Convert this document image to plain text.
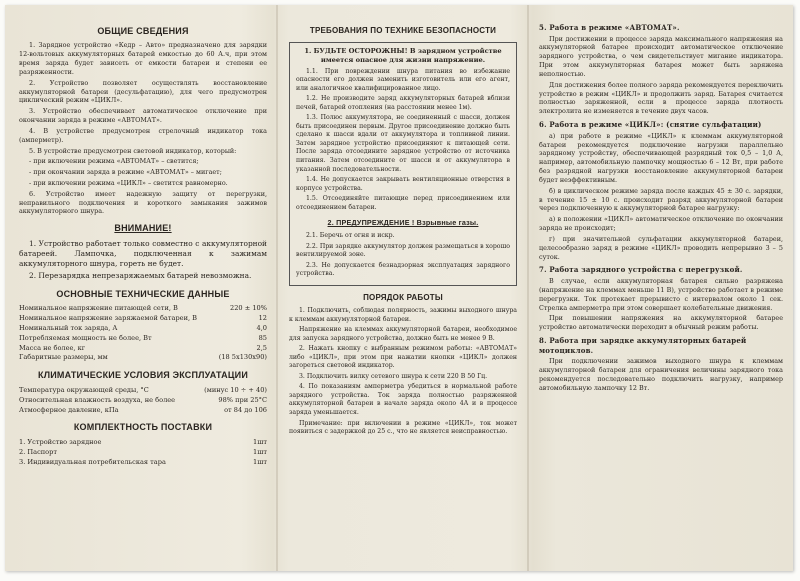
ОБЩИЕ СВЕДЕНИЯ

1. Зарядное устройство «Кедр – Авто» предназначено для зарядки 12-вольтовых аккумуляторных батарей емкостью до 60 А.ч, при этом время заряда будет зависеть от емкости батареи и степени ее разряженности.

2. Устройство позволяет осуществлять восстановление аккумуляторной батареи (десульфатацию), для чего предусмотрен циклический режим «ЦИКЛ».

3. Устройство обеспечивает автоматическое отключение при окончании заряда в режиме «АВТОМАТ».

4. В устройстве предусмотрен стрелочный индикатор тока (амперметр).

5. В устройстве предусмотрен световой индикатор, который:

- при включении режима «АВТОМАТ» – светится;

- при окончании заряда в режиме «АВТОМАТ» – мигает;

- при включении режима «ЦИКЛ» – светится равномерно.

6. Устройство имеет надежную защиту от перегрузки, неправильного подключения и короткого замыкания зажимов аккумуляторного шнура.

ВНИМАНИЕ!

1. Устройство работает только совместно с аккумуляторной батареей. Лампочка, подключенная к зажимам аккумуляторного шнура, гореть не будет.

2. Перезарядка непрезаряжаемых батарей невозможна.

ОСНОВНЫЕ ТЕХНИЧЕСКИЕ ДАННЫЕ
Номинальное напряжение питающей сети, В	220 ± 10%
Номинальное напряжение заряжаемой батареи, В	12
Номинальный ток заряда, А	4,0
Потребляемая мощность не более, Вт	85
Масса не более, кг	2,5
Габаритные размеры, мм	(18 5х130х90)
КЛИМАТИЧЕСКИЕ УСЛОВИЯ ЭКСПЛУАТАЦИИ
Температура окружающей среды, °С	(минус 10 ÷ + 40)
Относительная влажность воздуха, не более	98% при 25°С
Атмосферное давление, кПа	от 84 до 106
КОМПЛЕКТНОСТЬ ПОСТАВКИ
1. Устройство зарядное	1шт
2. Паспорт	1шт
3. Индивидуальная потребительская тара	1шт
ТРЕБОВАНИЯ ПО ТЕХНИКЕ БЕЗОПАСНОСТИ
1. БУДЬТЕ ОСТОРОЖНЫ! В зарядном устройстве имеется опасное для жизни напряжение.

1.1. При повреждении шнура питания во избежание опасности его должен заменить изготовитель или его агент, или аналогичное квалифицированное лицо.

1.2. Не производите заряд аккумуляторных батарей вблизи печей, батарей отопления (на расстоянии менее 1м).

1.3. Полюс аккумулятора, не соединенный с шасси, должен быть присоединен первым. Другое присоединение должно быть сделано к шасси вдали от аккумулятора и топливной линии. Затем зарядное устройство присоединяют к питающей сети. После заряда отсоедините зарядное устройство от источника питания. Затем отсоедините от шасси и от аккумулятора в указанной последовательности.

1.4. Не допускается закрывать вентиляционные отверстия в корпусе устройства.

1.5. Отсоединяйте питающие перед присоединением или отсоединением батареи.

2. ПРЕДУПРЕЖДЕНИЕ ! Взрывные газы.

2.1. Беречь от огня и искр.

2.2. При зарядке аккумулятор должен размещаться в хорошо вентилируемой зоне.

2.3. Не допускается безнадзорная эксплуатация зарядного устройства.

ПОРЯДОК РАБОТЫ

1. Подключить, соблюдая полярность, зажимы выходного шнура к клеммам аккумуляторной батареи.

Напряжение на клеммах аккумуляторной батареи, необходимое для запуска зарядного устройства, должно быть не менее 9 В.

2. Нажать кнопку с выбранным режимом работы: «АВТОМАТ» либо «ЦИКЛ», при этом при нажатии кнопки «ЦИКЛ» должен загореться световой индикатор.

3. Подключить вилку сетевого шнура к сети 220 В 50 Гц.

4. По показаниям амперметра убедиться в нормальной работе зарядного устройства. Ток заряда полностью разряженной аккумуляторной батареи в начале заряда около 4А и в процессе заряда уменьшается.

Примечание: при включении в режиме «ЦИКЛ», ток может появиться с задержкой до 25 с., что не является неисправностью.

5. Работа в режиме «АВТОМАТ».

При достижении в процессе заряда максимального напряжения на аккумуляторной батарее происходит автоматическое отключение зарядного устройства, о чем свидетельствует мигание индикатора. При этом аккумуляторная батарея может быть заряжена неполностью.

Для достижения более полного заряда рекомендуется переключить устройство в режим «ЦИКЛ» и продолжить заряд. Батарея считается полностью заряженной, если в процессе заряда плотность электролита не изменяется в течение двух часов.

6. Работа в режиме «ЦИКЛ»: (снятие сульфатации)

а) при работе в режиме «ЦИКЛ» к клеммам аккумуляторной батареи рекомендуется подключение нагрузки параллельно зарядному устройству, обеспечивающей разрядный ток 0,5 – 1,0 А, например, автомобильную лампочку мощностью 6 – 12 Вт, при работе без разрядной нагрузки восстановление аккумуляторной батареи будет неэффективным.

б) в циклическом режиме заряда после каждых 45 ± 30 с. зарядки, в течение 15 ± 10 с. происходит разряд аккумуляторной батареи через подключенную к аккумуляторной батарее нагрузку:

а) в положении «ЦИКЛ» автоматическое отключение по окончании заряда не происходит;

г) при значительной сульфатации аккумуляторной батареи, целесообразно заряд в режиме «ЦИКЛ» проводить непрерывно 3 – 5 суток.

7. Работа зарядного устройства с перегрузкой.

В случае, если аккумуляторная батарея сильно разряжена (напряжение на клеммах меньше 11 В), устройство работает в режиме перегрузки. Ток протекает прерывисто с интервалом около 1 сек. Стрелка амперметра при этом совершает колебательные движения.

При повышении напряжения на аккумуляторной батарее устройство автоматически переходит в обычный режим работы.

8. Работа при зарядке аккумуляторных батарей мотоциклов.

При подключении зажимов выходного шнура к клеммам аккумуляторной батареи для ограничения величины зарядного тока рекомендуется последовательно подключить нагрузку, например автомобильную лампочку 12 Вт.
